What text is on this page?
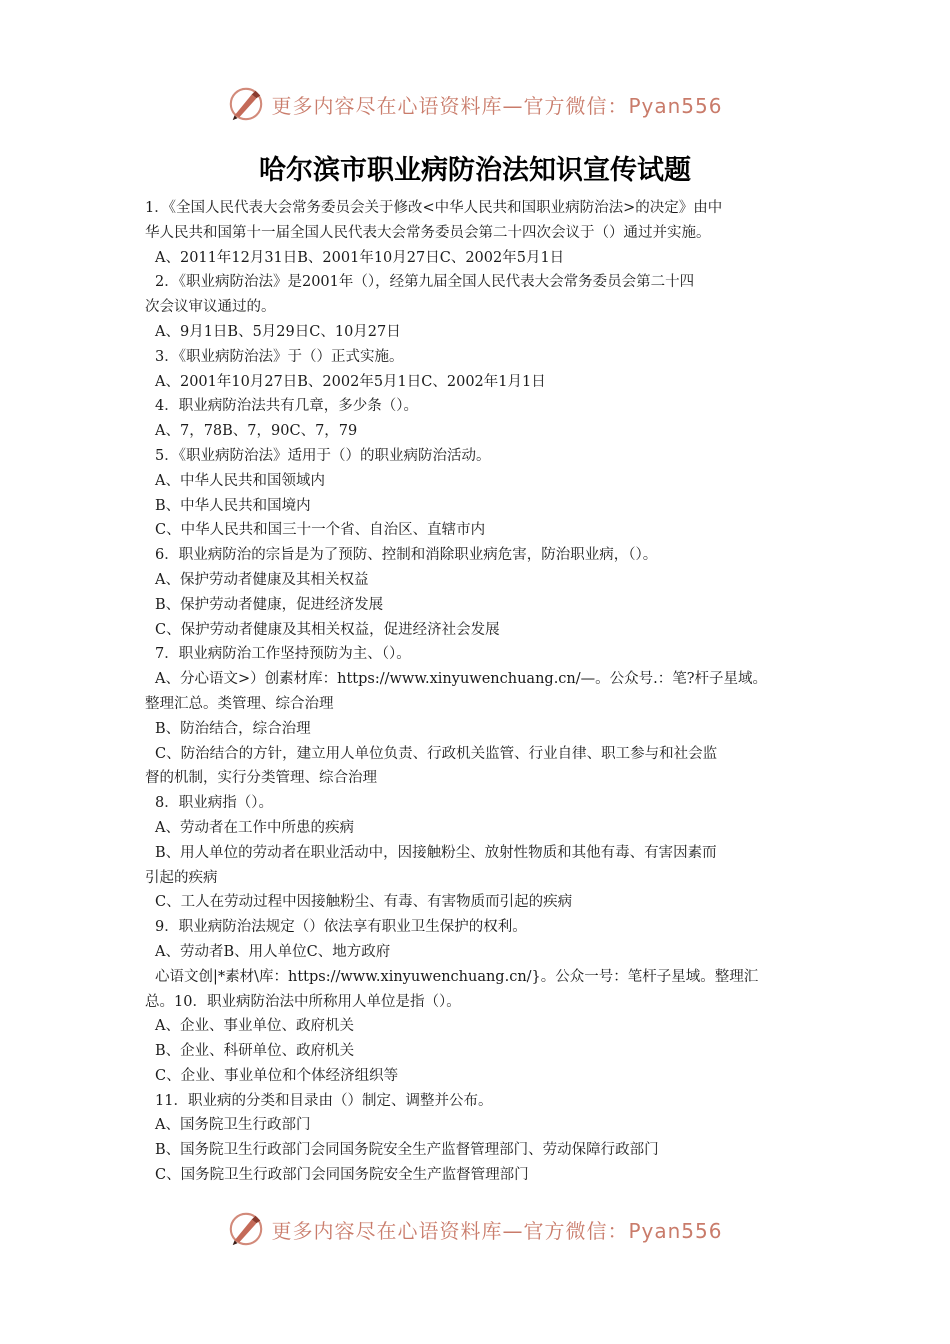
更多内容尽在心语资料库—官方微信：Pyan556
哈尔滨市职业病防治法知识宣传试题
1．《全国人民代表大会常务委员会关于修改<中华人民共和国职业病防治法>的决定》由中
华人民共和国第十一届全国人民代表大会常务委员会第二十四次会议于（）通过并实施。
A、2011年12月31日B、2001年10月27日C、2002年5月1日
2．《职业病防治法》是2001年（），经第九届全国人民代表大会常务委员会第二十四
次会议审议通过的。
A、9月1日B、5月29日C、10月27日
3．《职业病防治法》于（）正式实施。
A、2001年10月27日B、2002年5月1日C、2002年1月1日
4．职业病防治法共有几章，多少条（）。
A、7，78B、7，90C、7，79
5．《职业病防治法》适用于（）的职业病防治活动。
A、中华人民共和国领域内
B、中华人民共和国境内
C、中华人民共和国三十一个省、自治区、直辖市内
6．职业病防治的宗旨是为了预防、控制和消除职业病危害，防治职业病，（）。
A、保护劳动者健康及其相关权益
B、保护劳动者健康，促进经济发展
C、保护劳动者健康及其相关权益，促进经济社会发展
7．职业病防治工作坚持预防为主、（）。
A、分心语文>）创素材库：https://www.xinyuwenchuang.cn/—。公众号.：笔?杆子星域。
整理汇总。类管理、综合治理
B、防治结合，综合治理
C、防治结合的方针，建立用人单位负责、行政机关监管、行业自律、职工参与和社会监
督的机制，实行分类管理、综合治理
8．职业病指（）。
A、劳动者在工作中所患的疾病
B、用人单位的劳动者在职业活动中，因接触粉尘、放射性物质和其他有毒、有害因素而
引起的疾病
C、工人在劳动过程中因接触粉尘、有毒、有害物质而引起的疾病
9．职业病防治法规定（）依法享有职业卫生保护的权利。
A、劳动者B、用人单位C、地方政府
心语文创|*素材\库：https://www.xinyuwenchuang.cn/}。公众一号：笔杆子星域。整理汇
总。10．职业病防治法中所称用人单位是指（）。
A、企业、事业单位、政府机关
B、企业、科研单位、政府机关
C、企业、事业单位和个体经济组织等
11．职业病的分类和目录由（）制定、调整并公布。
A、国务院卫生行政部门
B、国务院卫生行政部门会同国务院安全生产监督管理部门、劳动保障行政部门
C、国务院卫生行政部门会同国务院安全生产监督管理部门
更多内容尽在心语资料库—官方微信：Pyan556
